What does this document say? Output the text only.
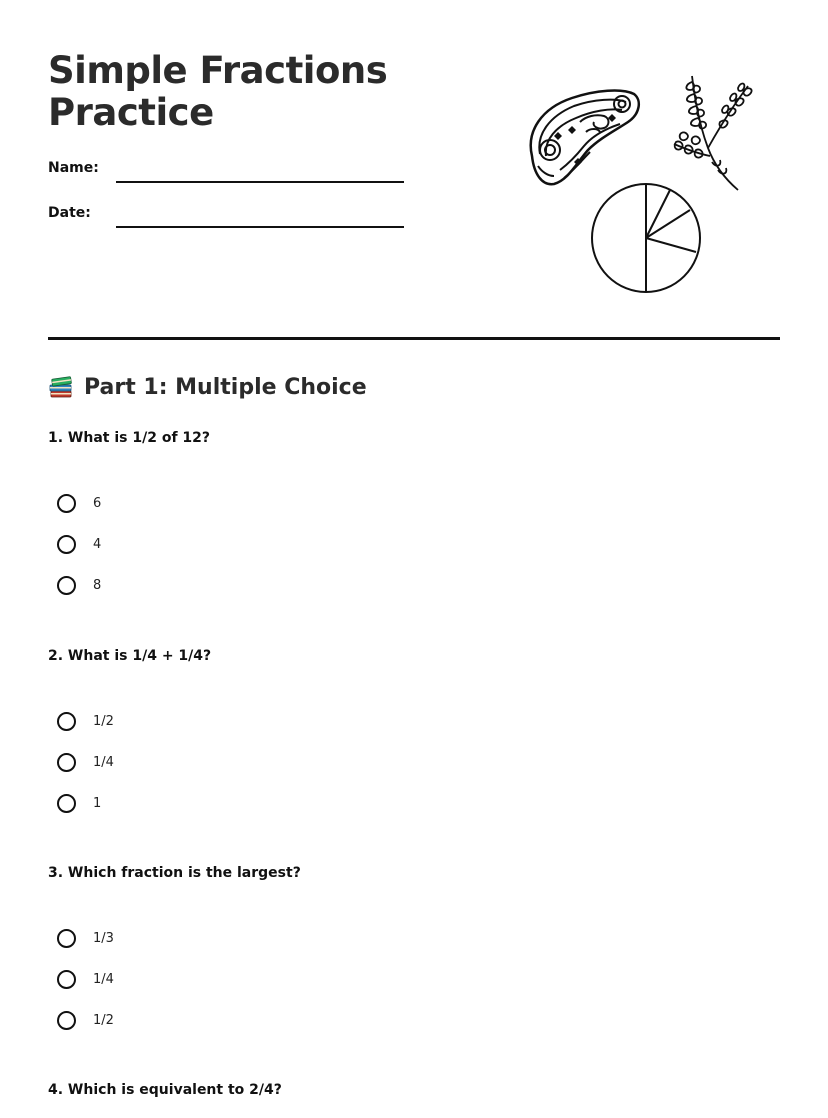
Simple Fractions
Practice
Name:
Date:
Part 1: Multiple Choice
1. What is 1/2 of 12?
6
4
8
2. What is 1/4 + 1/4?
1/2
1/4
1
3. Which fraction is the largest?
1/3
1/4
1/2
4. Which is equivalent to 2/4?
